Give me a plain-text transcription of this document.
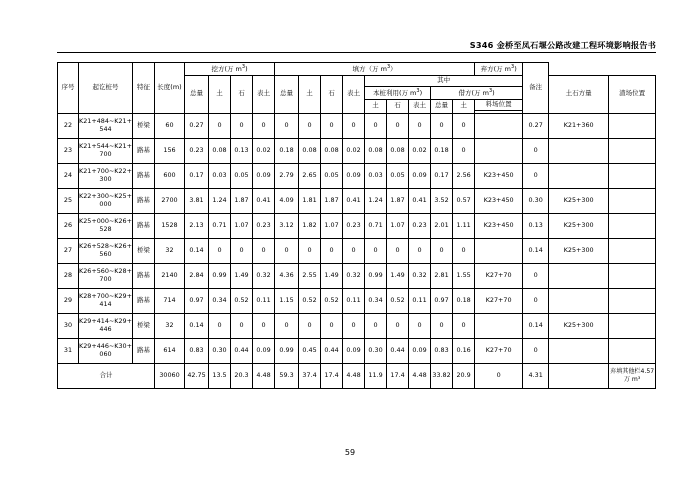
S346 金桥至凤石堰公路改建工程环境影响报告书
序号	起讫桩号	特征	长度(m)	挖方(万 $m^3$)				填方（万 $m^3$）									弃方(万 $m^3$)	备注		
				总量	土	石	表土	总量	土	石	表土	其中							土石方量	渣场位置
												本桩利用(万 $m^3$)			借方(万 $m^3$)					
												土	石	表土	总量	土	料场位置			

22	K21+484~K21+544	桥梁	60	0.27	0	0	0	0	0	0	0	0	0	0	0	0		0.27	K21+360	
23	K21+544~K21+700	路基	156	0.23	0.08	0.13	0.02	0.18	0.08	0.08	0.02	0.08	0.08	0.02	0.18	0		0		
24	K21+700~K22+300	路基	600	0.17	0.03	0.05	0.09	2.79	2.65	0.05	0.09	0.03	0.05	0.09	0.17	2.56	K23+450	0		
25	K22+300~K25+000	路基	2700	3.81	1.24	1.87	0.41	4.09	1.81	1.87	0.41	1.24	1.87	0.41	3.52	0.57	K23+450	0.30	K25+300	
26	K25+000~K26+528	路基	1528	2.13	0.71	1.07	0.23	3.12	1.82	1.07	0.23	0.71	1.07	0.23	2.01	1.11	K23+450	0.13	K25+300	
27	K26+528~K26+560	桥梁	32	0.14	0	0	0	0	0	0	0	0	0	0	0	0		0.14	K25+300	
28	K26+560~K28+700	路基	2140	2.84	0.99	1.49	0.32	4.36	2.55	1.49	0.32	0.99	1.49	0.32	2.81	1.55	K27+70	0		
29	K28+700~K29+414	路基	714	0.97	0.34	0.52	0.11	1.15	0.52	0.52	0.11	0.34	0.52	0.11	0.97	0.18	K27+70	0		
30	K29+414~K29+446	桥梁	32	0.14	0	0	0	0	0	0	0	0	0	0	0	0		0.14	K25+300	
31	K29+446~K30+060	路基	614	0.83	0.30	0.44	0.09	0.99	0.45	0.44	0.09	0.30	0.44	0.09	0.83	0.16	K27+70	0		
合计			30060	42.75	13.5	20.3	4.48	59.3	37.4	17.4	4.48	11.9	17.4	4.48	33.82	20.9	0	4.31		弃填其他栏4.57万 m³
59
